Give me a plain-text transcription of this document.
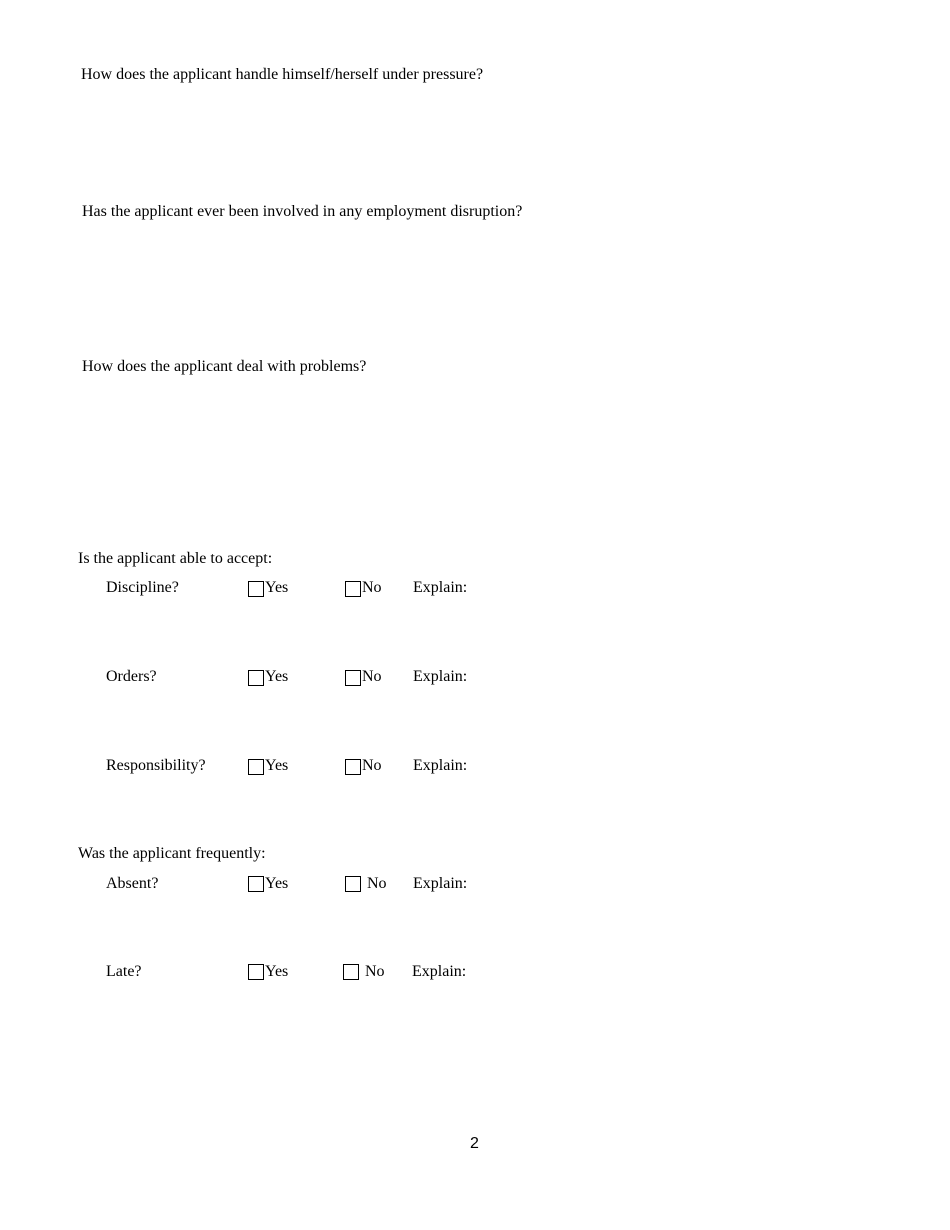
How does the applicant handle himself/herself under pressure?
Has the applicant ever been involved in any employment disruption?
How does the applicant deal with problems?
Is the applicant able to accept:
Discipline?	Yes	No Explain:
Orders?	Yes	No Explain:
Responsibility?	Yes	No Explain:
Was the applicant frequently:
Absent?	Yes	No Explain:
Late?	Yes	No Explain:
2
